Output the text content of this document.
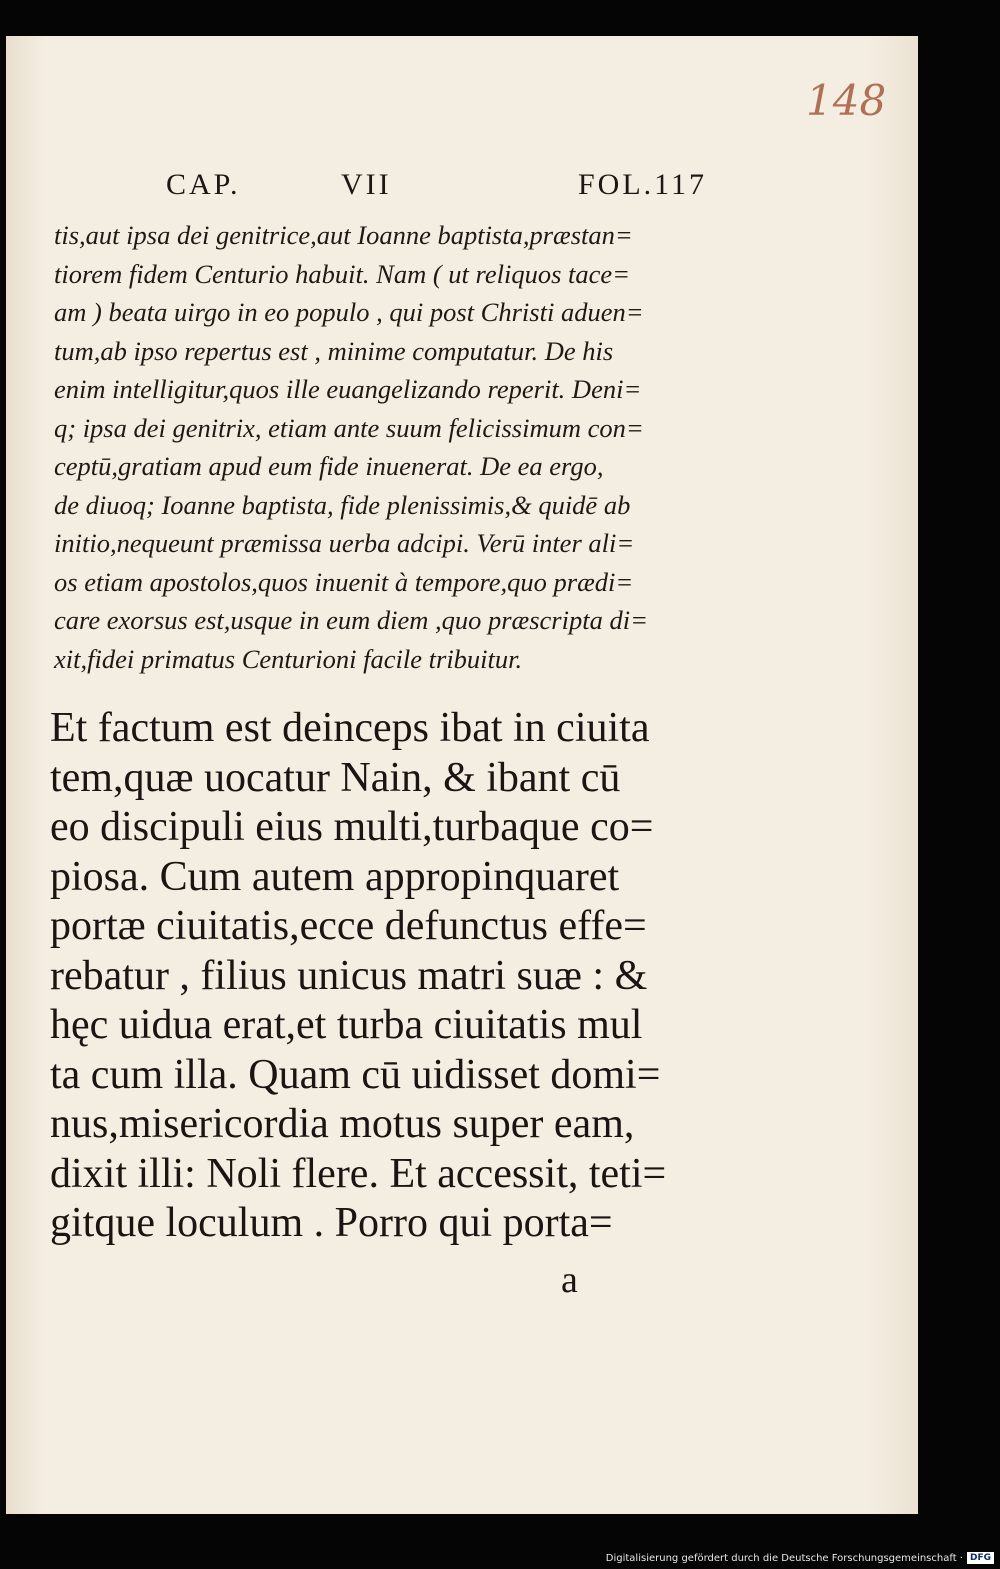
148
CAP.	VII	FOL.117
tis,aut ipsa dei genitrice,aut Ioanne baptista,præstan=
tiorem fidem Centurio habuit. Nam ( ut reliquos tace=
am ) beata uirgo in eo populo , qui post Christi aduen=
tum,ab ipso repertus est , minime computatur. De his
enim intelligitur,quos ille euangelizando reperit. Deni=
q; ipsa dei genitrix, etiam ante suum felicissimum con=
ceptū,gratiam apud eum fide inuenerat. De ea ergo,
de diuoq; Ioanne baptista, fide plenissimis,& quidē ab
initio,nequeunt præmissa uerba adcipi. Verū inter ali=
os etiam apostolos,quos inuenit à tempore,quo prædi=
care exorsus est,usque in eum diem ,quo præscripta di=
xit,fidei primatus Centurioni facile tribuitur.
Et factum est deinceps ibat in ciuita
tem,quæ uocatur Nain, & ibant cū
eo discipuli eius multi,turbaque co=
piosa. Cum autem appropinquaret
portæ ciuitatis,ecce defunctus effe=
rebatur , filius unicus matri suæ : &
hęc uidua erat,et turba ciuitatis mul
ta cum illa. Quam cū uidisset domi=
nus,misericordia motus super eam,
dixit illi: Noli flere. Et accessit, teti=
gitque loculum . Porro qui porta=
a
Digitalisierung gefördert durch die Deutsche Forschungsgemeinschaft · DFG
